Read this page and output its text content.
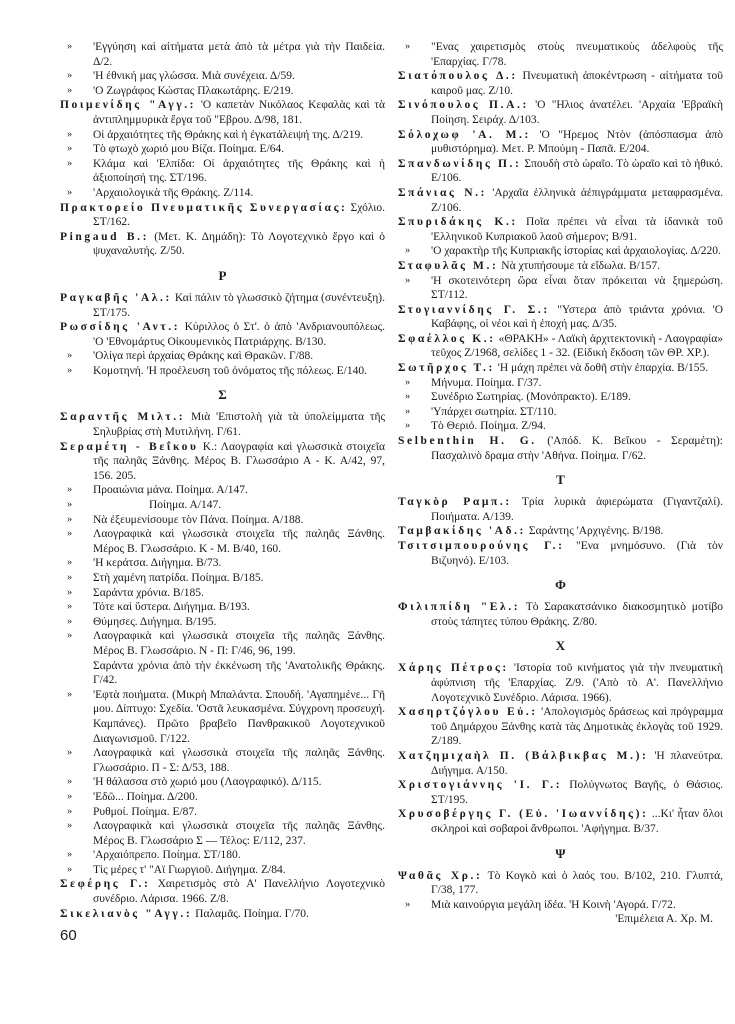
» 'Εγγύηση καὶ αἰτήματα μετὰ ἀπὸ τὰ μέτρα γιὰ τὴν Παιδεία. Δ/2.
» 'Η ἐθνική μας γλώσσα. Μιὰ συνέχεια. Δ/59.
» 'Ο Ζωγράφος Κώστας Πλακωτάρης. Ε/219.
Ποιμενίδης "Αγγ.: 'Ο καπετὰν Νικόλαος Κεφαλὰς καὶ τὰ ἀντιπλημμυρικὰ ἔργα τοῦ "Εβρου. Δ/98, 181.
» Οἱ ἀρχαιότητες τῆς Θράκης καὶ ἡ ἐγκατάλειψή της. Δ/219.
» Τὸ φτωχὸ χωριό μου Βίζα. Ποίημα. Ε/64.
» Κλάμα καὶ 'Ελπίδα: Οἱ ἀρχαιότητες τῆς Θράκης καὶ ἡ ἀξιοποίησή της. ΣΤ/196.
» 'Αρχαιολογικὰ τῆς Θράκης. Ζ/114.
Πρακτορείο Πνευματικῆς Συνεργασίας: Σχόλιο. ΣΤ/162.
Pingaud B.: (Μετ. Κ. Δημάδη): Τὸ Λογοτεχνικὸ ἔργο καὶ ὁ ψυχαναλυτής. Ζ/50.
Ρ
Ραγκαβῆς 'Αλ.: Καὶ πάλιν τὸ γλωσσικὸ ζήτημα (συνέντευξη). ΣΤ/175.
Ρωσσίδης 'Αντ.: Κύριλλος ὁ Στ'. ὁ ἀπὸ 'Ανδριανουπόλεως. 'Ο 'Εθνομάρτυς Οἰκουμενικὸς Πατριάρχης. Β/130.
» 'Ολίγα περὶ ἀρχαίας Θράκης καὶ Θρακῶν. Γ/88.
» Κομοτηνή. 'Η προέλευση τοῦ ὀνόματος τῆς πόλεως. Ε/140.
Σ
Σαραντῆς Μιλτ.: Μιὰ 'Επιστολὴ γιὰ τὰ ὑπολείμματα τῆς Σηλυβρίας στὴ Μυτιλήνη. Γ/61.
Σεραμέτη - Βεΐκου Κ.: Λαογραφία καὶ γλωσσικὰ στοιχεῖα τῆς παληᾶς Ξάνθης. Μέρος Β. Γλωσσάριο Α - Κ. Α/42, 97, 156. 205.
» Προαιώνια μάνα. Ποίημα. Α/147.
»	Ποίημα. Α/147.
» Νὰ ἐξευμενίσουμε τὸν Πάνα. Ποίημα. Α/188.
» Λαογραφικὰ καὶ γλωσσικὰ στοιχεῖα τῆς παληᾶς Ξάνθης. Μέρος Β. Γλωσσάριο. Κ - Μ. Β/40, 160.
» 'Η κεράτσα. Διήγημα. Β/73.
» Στὴ χαμένη πατρίδα. Ποίημα. Β/185.
» Σαράντα χρόνια. Β/185.
» Τότε καὶ ὕστερα. Διήγημα. Β/193.
» Θύμησες. Διήγημα. Β/195.
» Λαογραφικὰ καὶ γλωσσικὰ στοιχεῖα τῆς παληᾶς Ξάνθης. Μέρος Β. Γλωσσάριο. Ν - Π: Γ/46, 96, 199.
Σαράντα χρόνια ἀπὸ τὴν ἐκκένωση τῆς 'Ανατολικῆς Θράκης. Γ/42.
» 'Εφτὰ ποιήματα. (Μικρὴ Μπαλάντα. Σπουδή. 'Αγαπημένε... Γῆ μου. Δίπτυχο: Σχεδία. 'Οστᾶ λευκασμένα. Σύγχρονη προσευχή. Καμπάνες). Πρῶτο βραβεῖο Πανθρακικοῦ Λογοτεχνικοῦ Διαγωνισμοῦ. Γ/122.
» Λαογραφικὰ καὶ γλωσσικὰ στοιχεῖα τῆς παληᾶς Ξάνθης. Γλωσσάριο. Π - Σ: Δ/53, 188.
» 'Η θάλασσα στὸ χωριό μου (Λαογραφικό). Δ/115.
» 'Εδῶ... Ποίημα. Δ/200.
» Ρυθμοί. Ποίημα. Ε/87.
» Λαογραφικὰ καὶ γλωσσικὰ στοιχεῖα τῆς παληᾶς Ξάνθης. Μέρος Β. Γλωσσάριο Σ — Τέλος: Ε/112, 237.
» 'Αρχαιόπρεπο. Ποίημα. ΣΤ/180.
» Τὶς μέρες τ' "Αϊ Γιωργιοῦ. Διήγημα. Ζ/84.
Σεφέρης Γ.: Χαιρετισμὸς στὸ Α' Πανελλήνιο Λογοτεχνικὸ συνέδριο. Λάρισα. 1966. Ζ/8.
Σικελιανὸς "Αγγ.: Παλαμᾶς. Ποίημα. Γ/70.
60
» "Ενας χαιρετισμὸς στοὺς πνευματικοὺς ἀδελφοὺς τῆς 'Επαρχίας. Γ/78.
Σιατόπουλος Δ.: Πνευματικὴ ἀποκέντρωση - αἰτήματα τοῦ καιροῦ μας. Ζ/10.
Σινόπουλος Π.Α.: 'Ο "Ηλιος ἀνατέλει. 'Αρχαία 'Εβραϊκὴ Ποίηση. Σειράχ. Δ/103.
Σόλοχωφ 'Α. Μ.: 'Ο "Ηρεμος Ντὸν (ἀπόσπασμα ἀπὸ μυθιστόρημα). Μετ. Ρ. Μπούμη - Παπᾶ. Ε/204.
Σπανδωνίδης Π.: Σπουδὴ στὸ ὡραῖο. Τὸ ὡραῖο καὶ τὸ ἠθικό. Ε/106.
Σπάνιας Ν.: 'Αρχαῖα ἑλληνικὰ ἀἐπιγράμματα μεταφρασμένα. Ζ/106.
Σπυριδάκης Κ.: Ποῖα πρέπει νὰ εἶναι τὰ ἰδανικὰ τοῦ 'Ελληνικοῦ Κυπριακοῦ λαοῦ σήμερον; Β/91.
» 'Ο χαρακτὴρ τῆς Κυπριακῆς ἱστορίας καὶ ἀρχαιολογίας. Δ/220.
Σταφυλᾶς Μ.: Νὰ χτυπήσουμε τὰ εἴδωλα. Β/157.
» 'Η σκοτεινότερη ὥρα εἶναι ὅταν πρόκειται νὰ ξημερώση. ΣΤ/112.
Στογιαννίδης Γ. Σ.: "Υστερα ἀπὸ τριάντα χρόνια. 'Ο Καβάφης, οἱ νέοι καὶ ἡ ἐποχή μας. Δ/35.
Σφαέλλος Κ.: «ΘΡΑΚΗ» - Λαϊκὴ ἀρχιτεκτονικὴ - Λαογραφία» τεῦχος Ζ/1968, σελίδες 1 - 32. (Εἰδικὴ ἔκδοση τῶν ΘΡ. ΧΡ.).
Σωτῆρχος Τ.: 'Η μάχη πρέπει νὰ δοθῆ στὴν ἐπαρχία. Β/155.
» Μήνυμα. Ποίημα. Γ/37.
» Συνέδριο Σωτηρίας. (Μονόπρακτο). Ε/189.
» 'Υπάρχει σωτηρία. ΣΤ/110.
» Τὸ Θεριό. Ποίημα. Ζ/94.
Selbenthin H. G. ('Απόδ. Κ. Βεΐκου - Σεραμέτη): Πασχαλινὸ δραμα στὴν 'Αθήνα. Ποίημα. Γ/62.
Τ
Ταγκὸρ Ραμπ.: Τρία λυρικὰ ἀφιερώματα (Γιγαντζαλί). Ποιήματα. Α/139.
Ταμβακίδης 'Αδ.: Σαράντης 'Αρχιγένης. Β/198.
Τσιτσιμπουρούνης Γ.: "Ενα μνημόσυνο. (Γιὰ τὸν Βιζυηνό). Ε/103.
Φ
Φιλιππίδη "Ελ.: Τὸ Σαρακατσάνικο διακοσμητικὸ μοτίβο στοὺς τάπητες τύπου Θράκης. Ζ/80.
Χ
Χάρης Πέτρος: 'Ιστορία τοῦ κινήματος γιὰ τὴν πνευματικὴ ἀφύπνιση τῆς 'Επαρχίας. Ζ/9. ('Απὸ τὸ Α'. Πανελλήνιο Λογοτεχνικὸ Συνέδριο. Λάρισα. 1966).
Χασηρτζόγλου Εὐ.: 'Απολογισμὸς δράσεως καὶ πρόγραμμα τοῦ Δημάρχου Ξάνθης κατὰ τὰς Δημοτικὰς ἐκλογὰς τοῦ 1929. Ζ/189.
Χατζημιχαὴλ Π. (Βάλβικβας Μ.): 'Η πλανεύτρα. Διήγημα. Α/150.
Χριστογιάννης 'Ι. Γ.: Πολύγνωτος Βαγῆς, ὁ Θάσιος. ΣΤ/195.
Χρυσοβέργης Γ. (Εὐ. 'Ιωαννίδης): ...Κι' ἦταν ὅλοι σκληροὶ καὶ σοβαροὶ ἄνθρωποι. 'Αφήγημα. Β/37.
Ψ
Ψαθᾶς Χρ.: Τὸ Κογκὸ καὶ ὁ λαός του. Β/102, 210. Γλυπτά, Γ/38, 177.
» Μιὰ καινούργια μεγάλη ἰδέα. 'Η Κοινὴ 'Αγορά. Γ/72.
'Επιμέλεια Α. Χρ. Μ.
